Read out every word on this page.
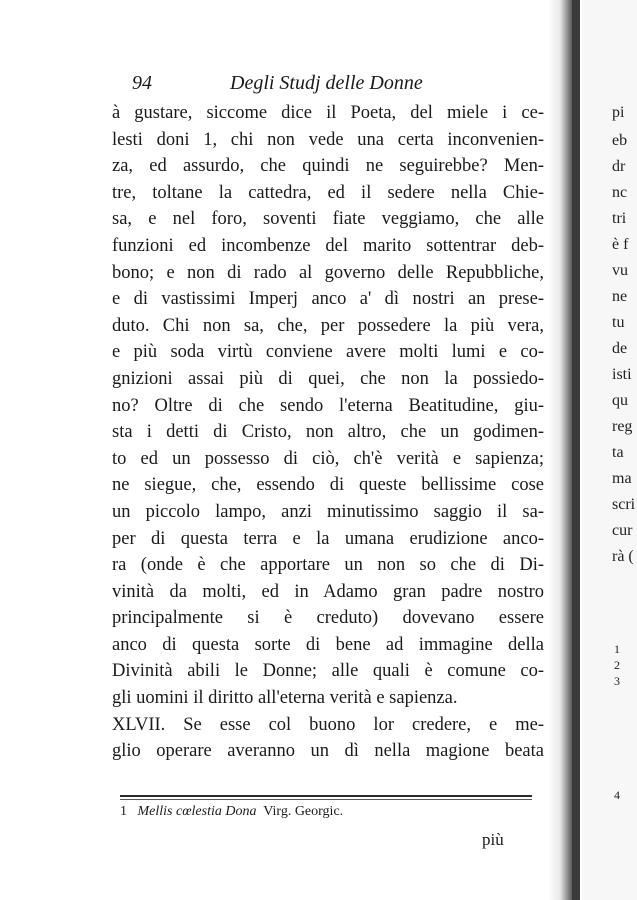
94	Degli Studj delle Donne
à gustare, siccome dice il Poeta, del miele i ce-
lesti doni 1, chi non vede una certa inconvenien-
za, ed assurdo, che quindi ne seguirebbe? Men-
tre, toltane la cattedra, ed il sedere nella Chie-
sa, e nel foro, soventi fiate veggiamo, che alle
funzioni ed incombenze del marito sottentrar deb-
bono; e non di rado al governo delle Repubbliche,
e di vastissimi Imperj anco a' dì nostri an prese-
duto. Chi non sa, che, per possedere la più vera,
e più soda virtù conviene avere molti lumi e co-
gnizioni assai più di quei, che non la possiedo-
no? Oltre di che sendo l'eterna Beatitudine, giu-
sta i detti di Cristo, non altro, che un godimen-
to ed un possesso di ciò, ch'è verità e sapienza;
ne siegue, che, essendo di queste bellissime cose
un piccolo lampo, anzi minutissimo saggio il sa-
per di questa terra e la umana erudizione anco-
ra (onde è che apportare un non so che di Di-
vinità da molti, ed in Adamo gran padre nostro
principalmente si è creduto) dovevano essere
anco di questa sorte di bene ad immagine della
Divinità abili le Donne; alle quali è comune co-
gli uomini il diritto all'eterna verità e sapienza.
XLVII. Se esse col buono lor credere, e me-
glio operare averanno un dì nella magione beata
1 Mellis cœlestia Dona Virg. Georgic.
più
pi
eb
dr
nc
tri
è f
vu
ne
tu
de
isti
qu
reg
ta
ma
scri
cur
rà (
1
2
3
4
